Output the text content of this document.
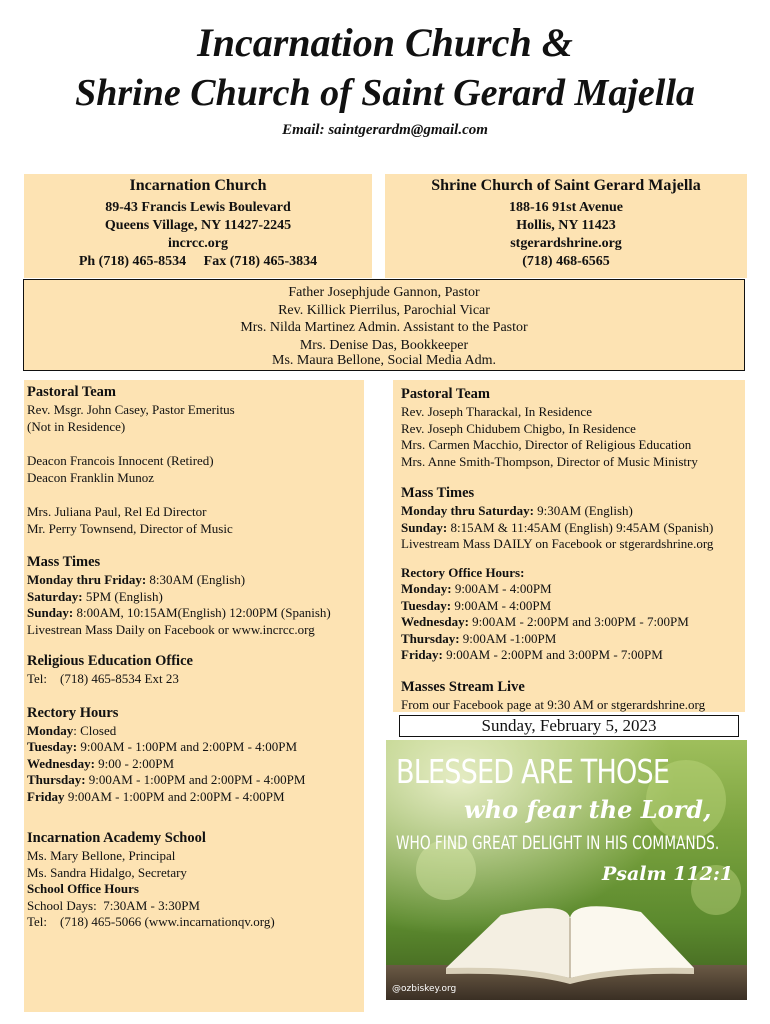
Incarnation Church &
Shrine Church of Saint Gerard Majella
Email: saintgerardm@gmail.com
Incarnation Church
89-43 Francis Lewis Boulevard
Queens Village, NY 11427-2245
incrcc.org
Ph (718) 465-8534     Fax (718) 465-3834
Shrine Church of Saint Gerard Majella
188-16 91st Avenue
Hollis, NY 11423
stgerardshrine.org
(718) 468-6565
Father Josephjude Gannon, Pastor
Rev. Killick Pierrilus, Parochial Vicar
Mrs. Nilda Martinez Admin. Assistant to the Pastor
Mrs. Denise Das, Bookkeeper
Ms. Maura Bellone, Social Media Adm.

Pastoral Team

Rev. Msgr. John Casey, Pastor Emeritus

(Not in Residence)

Deacon Francois Innocent (Retired)

Deacon Franklin Munoz

Mrs. Juliana Paul, Rel Ed Director

Mr. Perry Townsend, Director of Music

Mass Times

Monday thru Friday: 8:30AM (English)

Saturday: 5PM (English)

Sunday: 8:00AM, 10:15AM(English) 12:00PM (Spanish)

Livestrean Mass Daily on Facebook or www.incrcc.org

Religious Education Office

Tel:    (718) 465-8534 Ext 23

Rectory Hours

Monday: Closed

Tuesday: 9:00AM - 1:00PM and 2:00PM - 4:00PM

Wednesday: 9:00 - 2:00PM

Thursday: 9:00AM - 1:00PM and 2:00PM - 4:00PM

Friday 9:00AM - 1:00PM and 2:00PM - 4:00PM

Incarnation Academy School

Ms. Mary Bellone, Principal

Ms. Sandra Hidalgo, Secretary

School Office Hours

School Days:  7:30AM - 3:30PM

Tel:    (718) 465-5066 (www.incarnationqv.org)

Pastoral Team

Rev. Joseph Tharackal, In Residence

Rev. Joseph Chidubem Chigbo, In Residence

Mrs. Carmen Macchio, Director of Religious Education

Mrs. Anne Smith-Thompson, Director of Music Ministry

Mass Times

Monday thru Saturday: 9:30AM (English)

Sunday: 8:15AM & 11:45AM (English) 9:45AM (Spanish)

Livestream Mass DAILY on Facebook or stgerardshrine.org

Rectory Office Hours:

Monday: 9:00AM - 4:00PM

Tuesday: 9:00AM - 4:00PM

Wednesday: 9:00AM - 2:00PM and 3:00PM - 7:00PM

Thursday: 9:00AM -1:00PM

Friday: 9:00AM - 2:00PM and 3:00PM - 7:00PM

Masses Stream Live

From our Facebook page at 9:30 AM or stgerardshrine.org

Sunday, February 5, 2023
BLESSED ARE THOSE
who fear the Lord,
WHO FIND GREAT DELIGHT IN HIS COMMANDS.
Psalm 112:1
@ozbiskey.org
